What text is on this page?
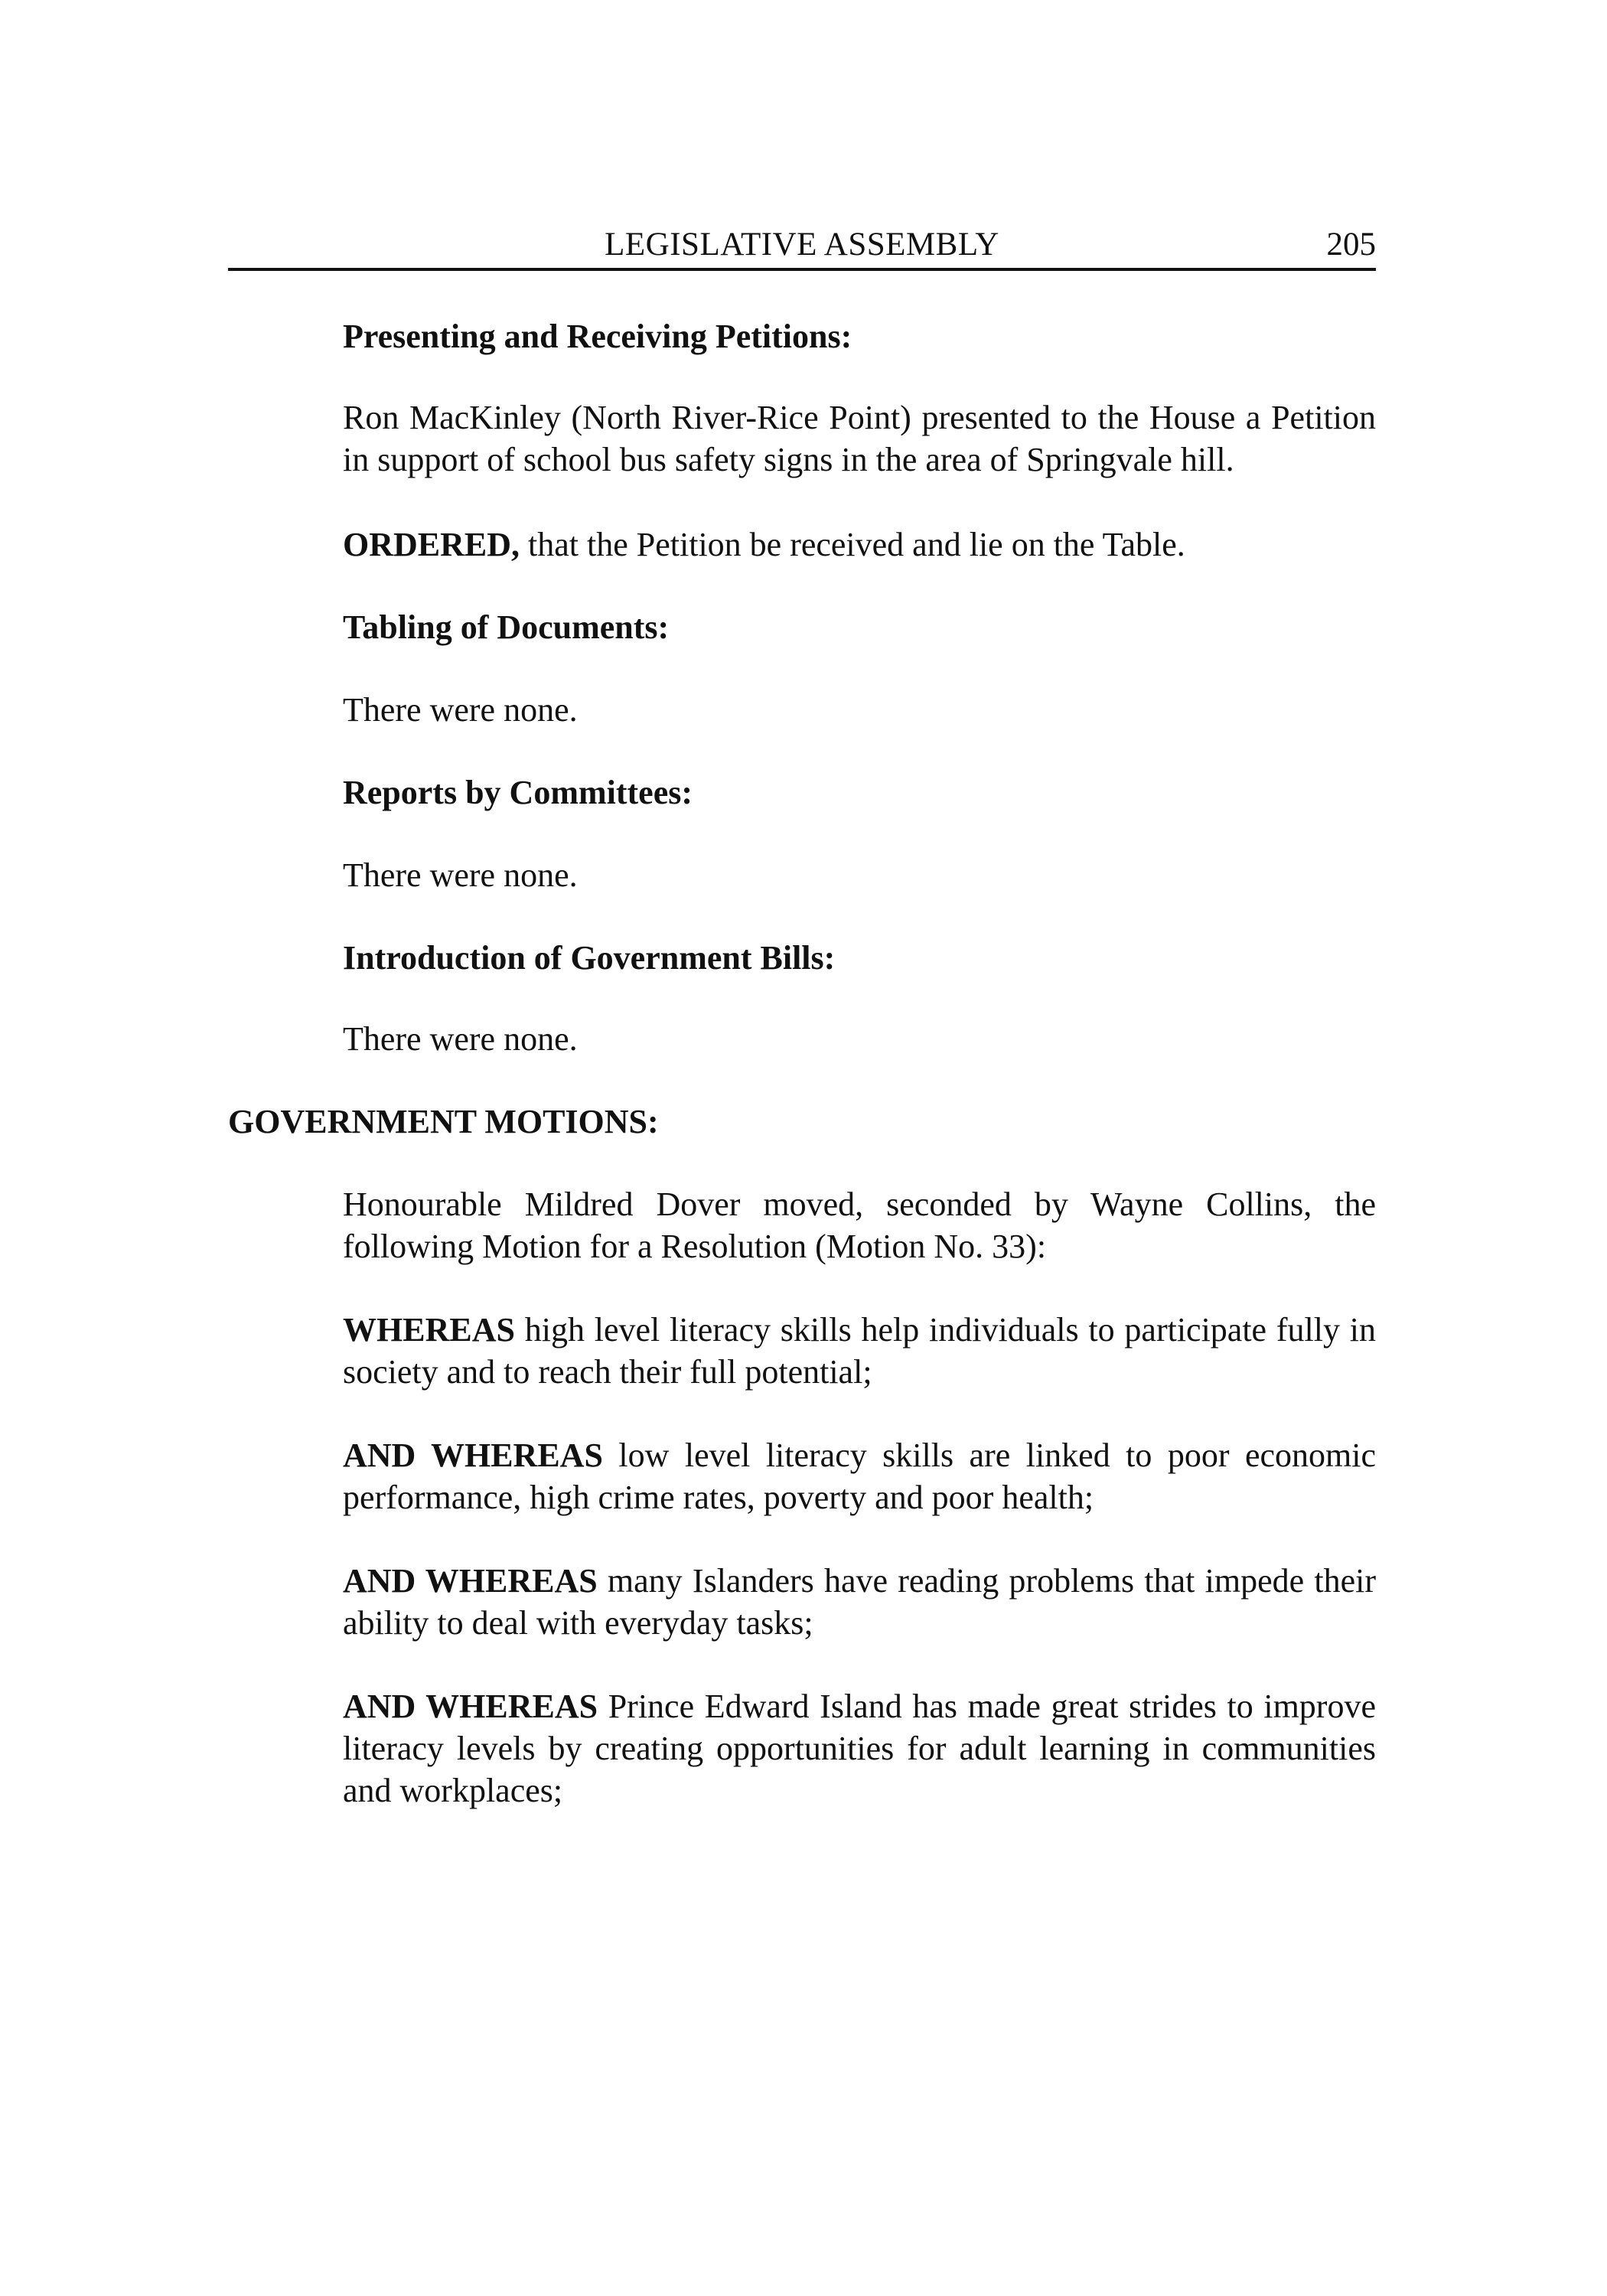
LEGISLATIVE ASSEMBLY	205
Presenting and Receiving Petitions:
Ron MacKinley (North River-Rice Point) presented to the House a Petition in support of school bus safety signs in the area of Springvale hill.
ORDERED, that the Petition be received and lie on the Table.
Tabling of Documents:
There were none.
Reports by Committees:
There were none.
Introduction of Government Bills:
There were none.
GOVERNMENT MOTIONS:
Honourable Mildred Dover moved, seconded by Wayne Collins, the following Motion for a Resolution (Motion No. 33):
WHEREAS high level literacy skills help individuals to participate fully in society and to reach their full potential;
AND WHEREAS low level literacy skills are linked to poor economic performance, high crime rates, poverty and poor health;
AND WHEREAS many Islanders have reading problems that impede their ability to deal with everyday tasks;
AND WHEREAS Prince Edward Island has made great strides to improve literacy levels by creating opportunities for adult learning in communities and workplaces;
